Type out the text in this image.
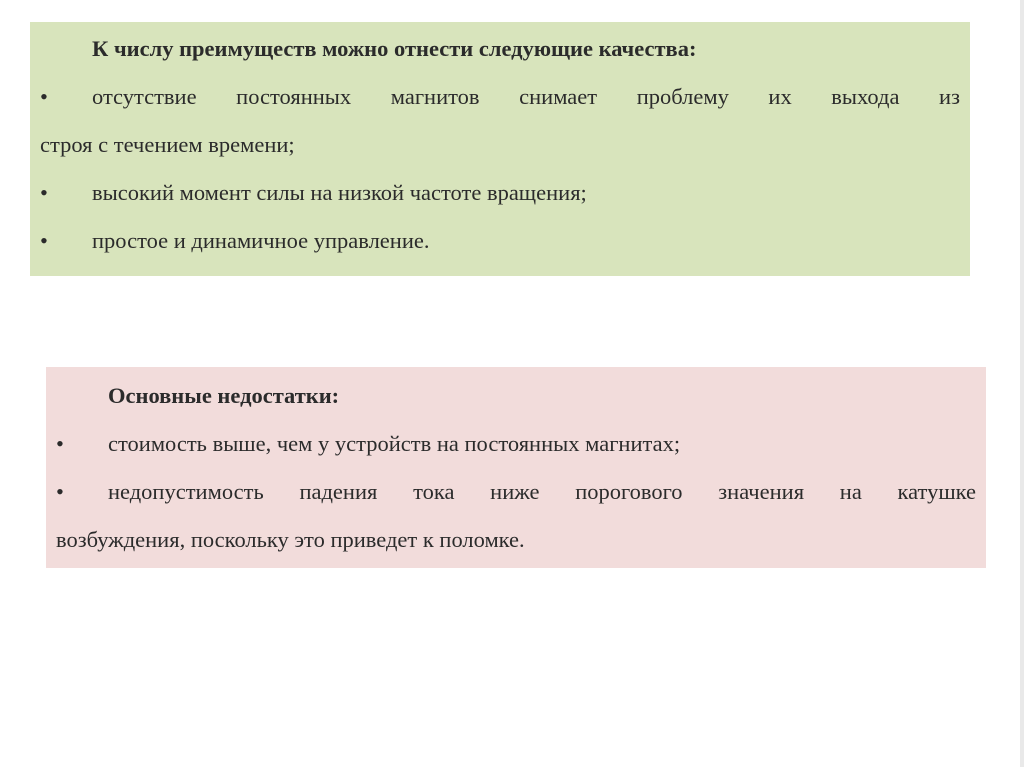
К числу преимуществ можно отнести следующие качества:
•	отсутствие постоянных магнитов снимает проблему их выхода из
строя с течением времени;
•	высокий момент силы на низкой частоте вращения;
•	простое и динамичное управление.
Основные недостатки:
•	стоимость выше, чем у устройств на постоянных магнитах;
•	недопустимость падения тока ниже порогового значения на катушке
возбуждения, поскольку это приведет к поломке.
